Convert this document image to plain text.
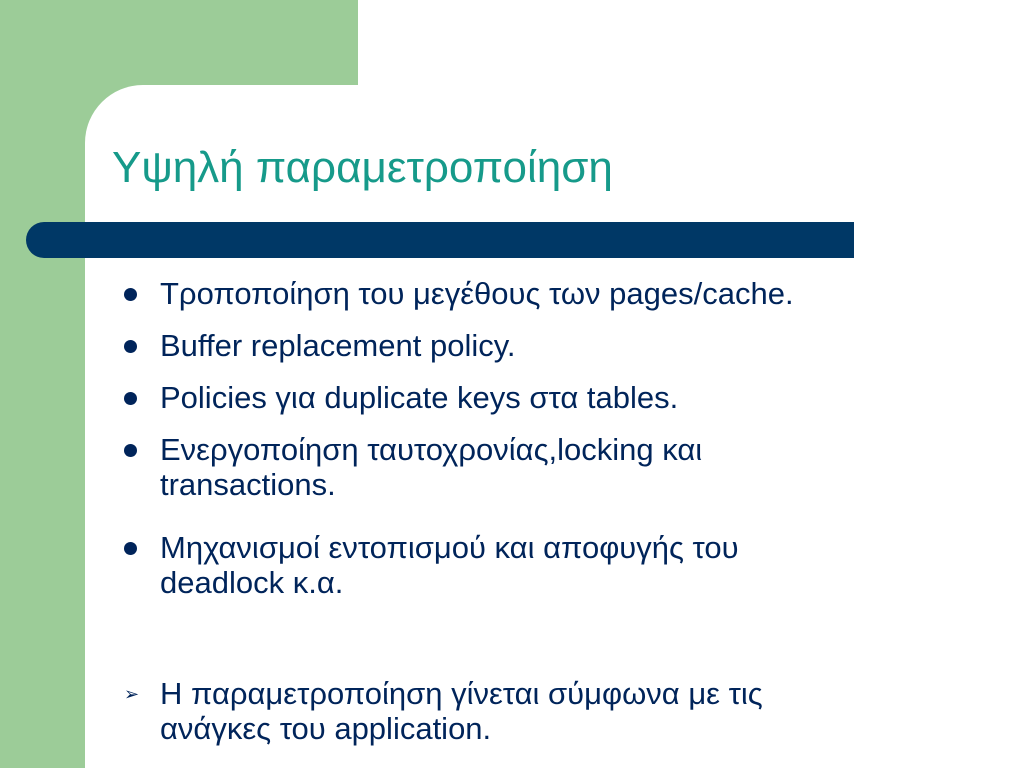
Υψηλή παραμετροποίηση
Τροποποίηση του μεγέθους των pages/cache.
Buffer replacement policy.
Policies για duplicate keys στα tables.
Ενεργοποίηση ταυτοχρονίας,locking και
transactions.
Μηχανισμοί εντοπισμού και αποφυγής του
deadlock κ.α.
➢ Η παραμετροποίηση γίνεται σύμφωνα με τις
ανάγκες του application.
